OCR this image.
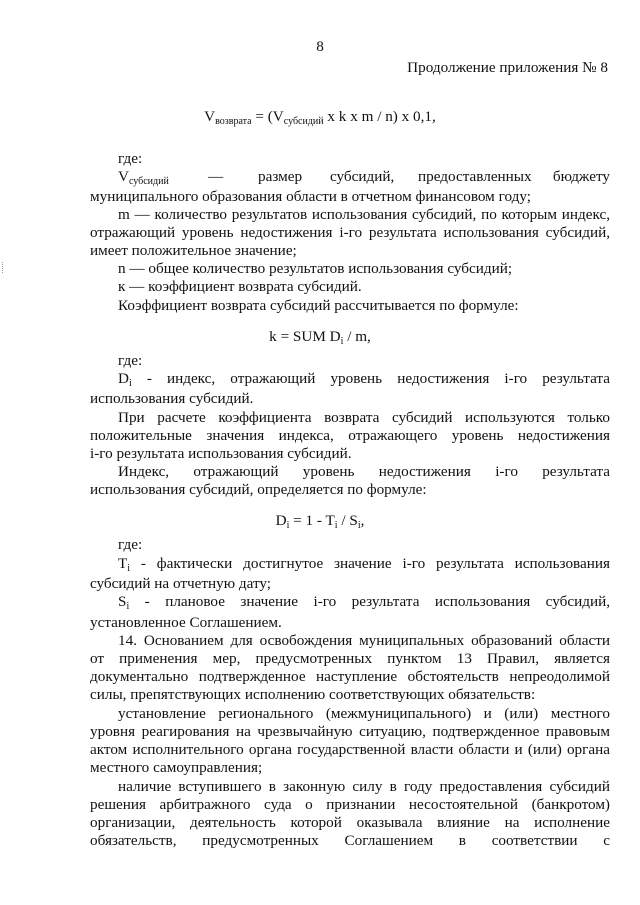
8
Продолжение приложения № 8
$V_{возврата} = (V_{субсидий}$ x k x m / n) x 0,1,
где:
$V_{субсидий}$	— размер субсидий, предоставленных бюджету
муниципального образования области в отчетном финансовом году;
m — количество результатов использования субсидий, по которым индекс,
отражающий уровень недостижения i-го результата использования субсидий,
имеет положительное значение;
n — общее количество результатов использования субсидий;
к — коэффициент возврата субсидий.
Коэффициент возврата субсидий рассчитывается по формуле:
k = SUM $D_i$ / m,
где:
$D_i$ - индекс, отражающий уровень недостижения i-го результата
использования субсидий.
При расчете коэффициента возврата субсидий используются только
положительные значения индекса, отражающего уровень недостижения
i-го результата использования субсидий.
Индекс, отражающий уровень недостижения i-го результата
использования субсидий, определяется по формуле:
$D_i = 1 - T_i / S_i$,
где:
$T_i$ - фактически достигнутое значение i-го результата использования
субсидий на отчетную дату;
$S_i$ - плановое значение i-го результата использования субсидий,
установленное Соглашением.
14. Основанием для освобождения муниципальных образований области
от применения мер, предусмотренных пунктом 13 Правил, является
документально подтвержденное наступление обстоятельств непреодолимой
силы, препятствующих исполнению соответствующих обязательств:
установление регионального (межмуниципального) и (или) местного
уровня реагирования на чрезвычайную ситуацию, подтвержденное правовым
актом исполнительного органа государственной власти области и (или) органа
местного самоуправления;
наличие вступившего в законную силу в году предоставления субсидий
решения арбитражного суда о признании несостоятельной (банкротом)
организации, деятельность которой оказывала влияние на исполнение
обязательств, предусмотренных Соглашением в соответствии с
